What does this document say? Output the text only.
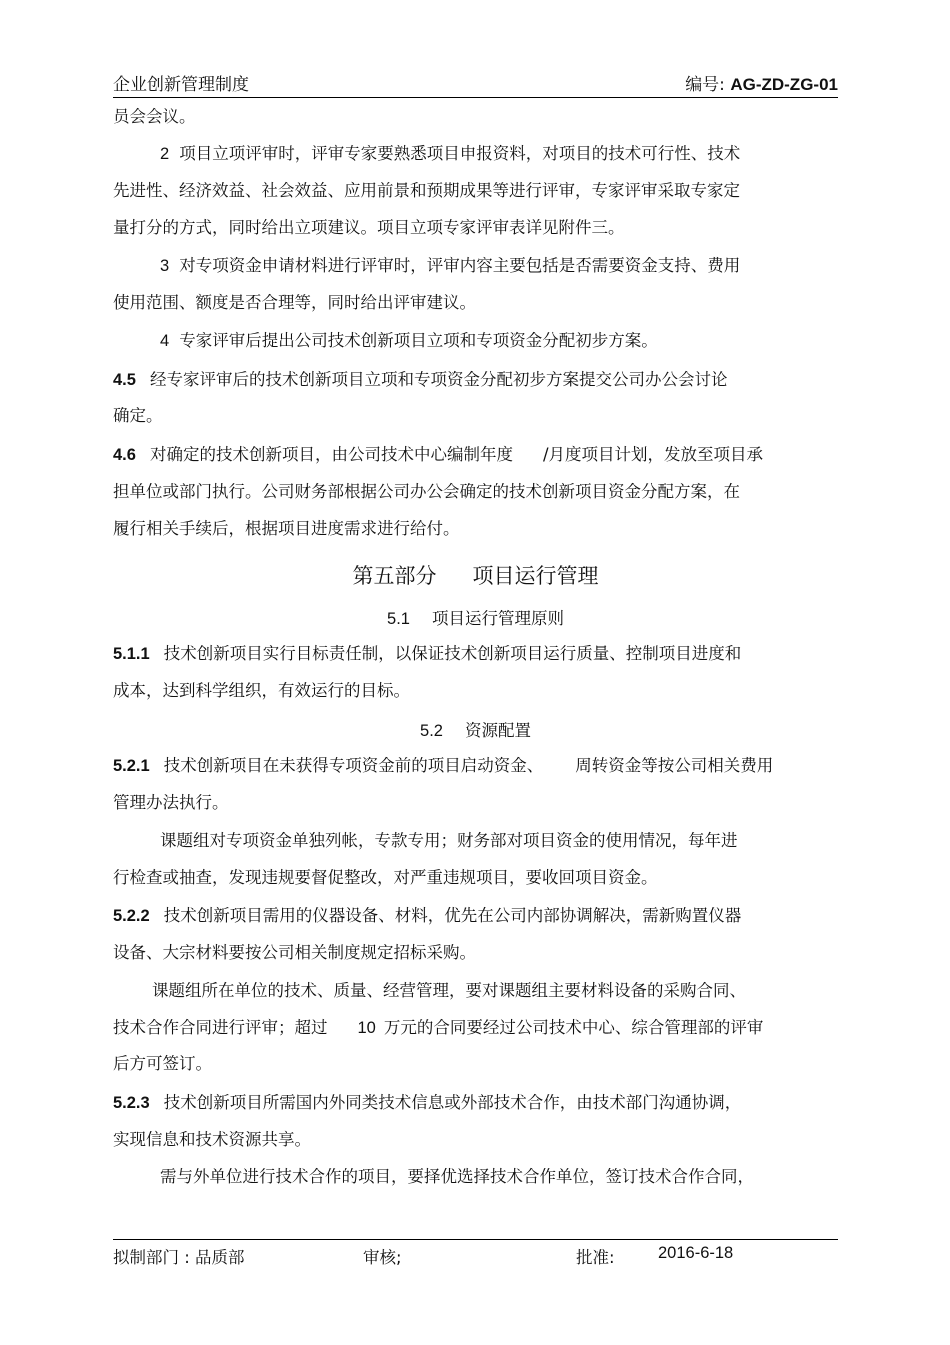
企业创新管理制度	编号: AG-ZD-ZG-01
员会会议。
2 项目立项评审时，评审专家要熟悉项目申报资料，对项目的技术可行性、技术
先进性、经济效益、社会效益、应用前景和预期成果等进行评审，专家评审采取专家定
量打分的方式，同时给出立项建议。项目立项专家评审表详见附件三。
3 对专项资金申请材料进行评审时，评审内容主要包括是否需要资金支持、费用
使用范围、额度是否合理等，同时给出评审建议。
4 专家评审后提出公司技术创新项目立项和专项资金分配初步方案。
4.5 经专家评审后的技术创新项目立项和专项资金分配初步方案提交公司办公会讨论
确定。
4.6 对确定的技术创新项目，由公司技术中心编制年度 /月度项目计划，发放至项目承
担单位或部门执行。公司财务部根据公司办公会确定的技术创新项目资金分配方案，在
履行相关手续后，根据项目进度需求进行给付。
第五部分 项目运行管理
5.1 项目运行管理原则
5.1.1 技术创新项目实行目标责任制，以保证技术创新项目运行质量、控制项目进度和
成本，达到科学组织，有效运行的目标。
5.2 资源配置
5.2.1 技术创新项目在未获得专项资金前的项目启动资金、 周转资金等按公司相关费用
管理办法执行。
课题组对专项资金单独列帐，专款专用；财务部对项目资金的使用情况，每年进
行检查或抽查，发现违规要督促整改，对严重违规项目，要收回项目资金。
5.2.2 技术创新项目需用的仪器设备、材料，优先在公司内部协调解决，需新购置仪器
设备、大宗材料要按公司相关制度规定招标采购。
课题组所在单位的技术、质量、经营管理，要对课题组主要材料设备的采购合同、
技术合作合同进行评审；超过 10 万元的合同要经过公司技术中心、综合管理部的评审
后方可签订。
5.2.3 技术创新项目所需国内外同类技术信息或外部技术合作，由技术部门沟通协调，
实现信息和技术资源共享。
需与外单位进行技术合作的项目，要择优选择技术合作单位，签订技术合作合同，
拟制部门 : 品质部	审核;	批准:	2016-6-18
